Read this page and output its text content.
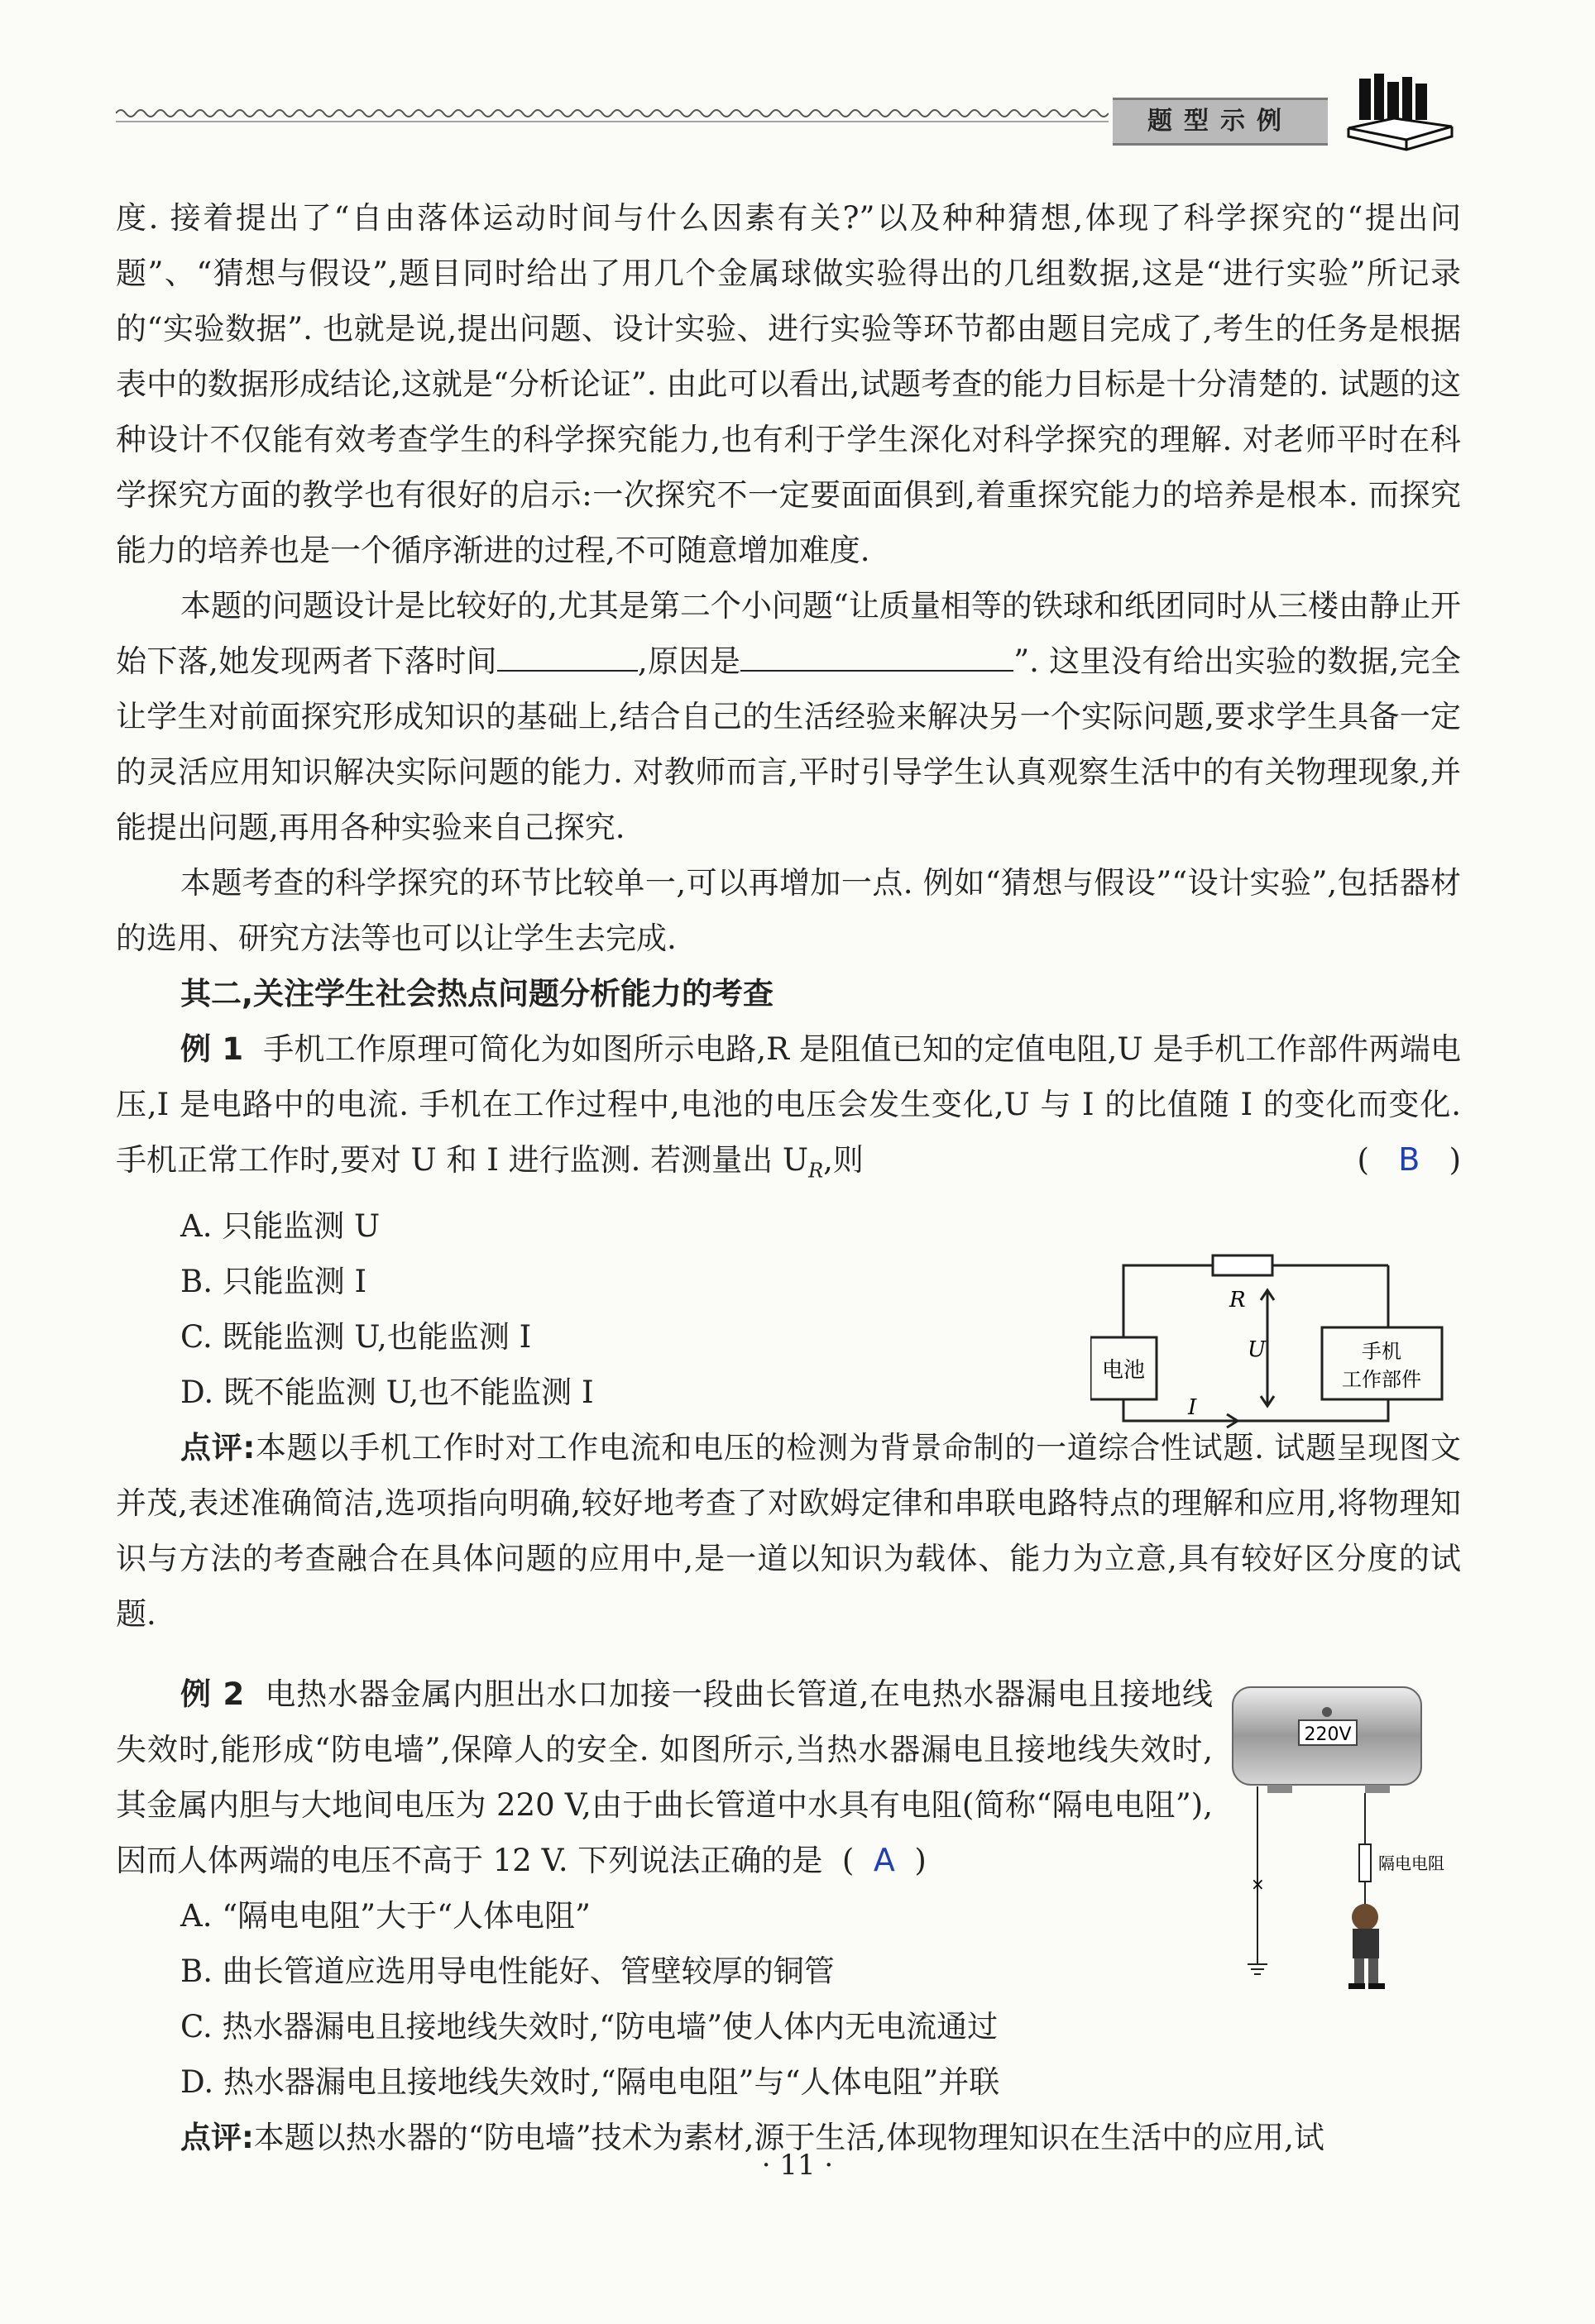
题型示例

度. 接着提出了“自由落体运动时间与什么因素有关?”以及种种猜想,体现了科学探究的“提出问题”、“猜想与假设”,题目同时给出了用几个金属球做实验得出的几组数据,这是“进行实验”所记录的“实验数据”. 也就是说,提出问题、设计实验、进行实验等环节都由题目完成了,考生的任务是根据表中的数据形成结论,这就是“分析论证”. 由此可以看出,试题考查的能力目标是十分清楚的. 试题的这种设计不仅能有效考查学生的科学探究能力,也有利于学生深化对科学探究的理解. 对老师平时在科学探究方面的教学也有很好的启示:一次探究不一定要面面俱到,着重探究能力的培养是根本. 而探究能力的培养也是一个循序渐进的过程,不可随意增加难度.

本题的问题设计是比较好的,尤其是第二个小问题“让质量相等的铁球和纸团同时从三楼由静止开始下落,她发现两者下落时间	,原因是	”. 这里没有给出实验的数据,完全让学生对前面探究形成知识的基础上,结合自己的生活经验来解决另一个实际问题,要求学生具备一定的灵活应用知识解决实际问题的能力. 对教师而言,平时引导学生认真观察生活中的有关物理现象,并能提出问题,再用各种实验来自己探究.

本题考查的科学探究的环节比较单一,可以再增加一点. 例如“猜想与假设”“设计实验”,包括器材的选用、研究方法等也可以让学生去完成.

其二,关注学生社会热点问题分析能力的考查

例 1 手机工作原理可简化为如图所示电路,R 是阻值已知的定值电阻,U 是手机工作部件两端电压,I 是电路中的电流. 手机在工作过程中,电池的电压会发生变化,U 与 I 的比值随 I 的变化而变化. 手机正常工作时,要对 U 和 I 进行监测. 若测量出 $U_R$,则	( B )

A. 只能监测 U

B. 只能监测 I

C. 既能监测 U,也能监测 I

D. 既不能监测 U,也不能监测 I

点评:本题以手机工作时对工作电流和电压的检测为背景命制的一道综合性试题. 试题呈现图文并茂,表述准确简洁,选项指向明确,较好地考查了对欧姆定律和串联电路特点的理解和应用,将物理知识与方法的考查融合在具体问题的应用中,是一道以知识为载体、能力为立意,具有较好区分度的试题.

电池
R
U
I
手机
工作部件

例 2 电热水器金属内胆出水口加接一段曲长管道,在电热水器漏电且接地线失效时,能形成“防电墙”,保障人的安全. 如图所示,当热水器漏电且接地线失效时,其金属内胆与大地间电压为 220 V,由于曲长管道中水具有电阻(简称“隔电电阻”),因而人体两端的电压不高于 12 V. 下列说法正确的是 ( A )

A. “隔电电阻”大于“人体电阻”

B. 曲长管道应选用导电性能好、管壁较厚的铜管

C. 热水器漏电且接地线失效时,“防电墙”使人体内无电流通过

D. 热水器漏电且接地线失效时,“隔电电阻”与“人体电阻”并联

点评:本题以热水器的“防电墙”技术为素材,源于生活,体现物理知识在生活中的应用,试

220V
×
隔电电阻
· 11 ·
